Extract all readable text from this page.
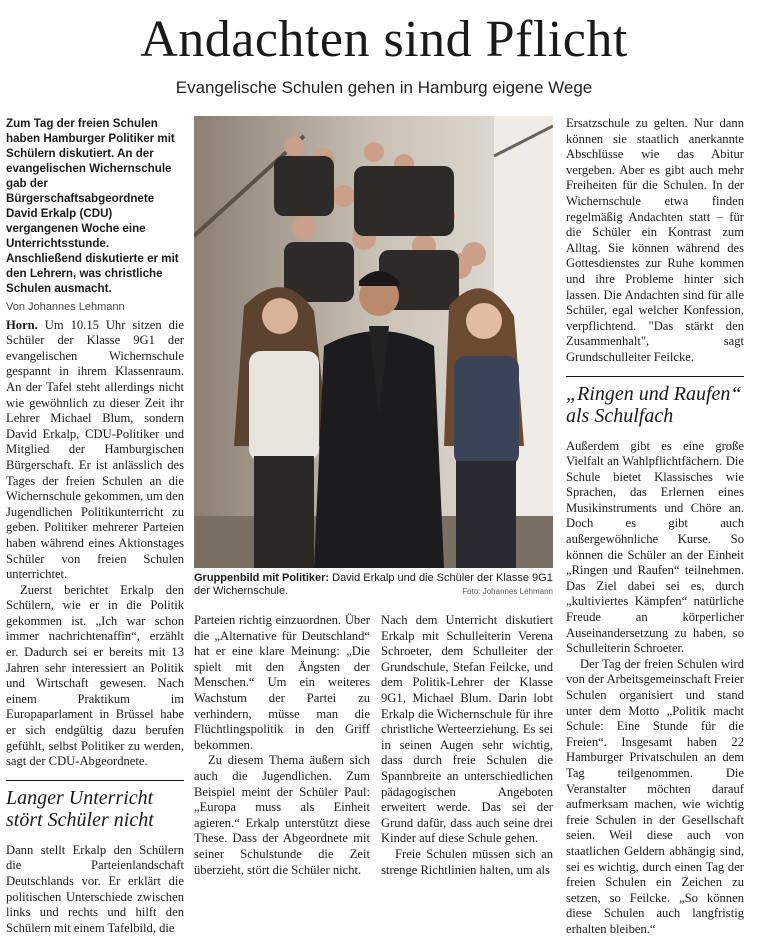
Andachten sind Pflicht
Evangelische Schulen gehen in Hamburg eigene Wege

Zum Tag der freien Schulen haben Hamburger Politiker mit Schülern diskutiert. An der evangelischen Wichernschule gab der Bürgerschaftsabgeordnete David Erkalp (CDU) vergangenen Woche eine Unterrichtsstunde. Anschließend diskutierte er mit den Lehrern, was christliche Schulen ausmacht.

Von Johannes Lehmann

Horn. Um 10.15 Uhr sitzen die Schüler der Klasse 9G1 der evangelischen Wichernschule gespannt in ihrem Klassenraum. An der Tafel steht allerdings nicht wie gewöhnlich zu dieser Zeit ihr Lehrer Michael Blum, sondern David Erkalp, CDU-Politiker und Mitglied der Hamburgischen Bürgerschaft. Er ist anlässlich des Tages der freien Schulen an die Wichernschule gekommen, um den Jugendlichen Politikunterricht zu geben. Politiker mehrerer Parteien haben während eines Aktionstages Schüler von freien Schulen unterrichtet.

Zuerst berichtet Erkalp den Schülern, wie er in die Politik gekommen ist. „Ich war schon immer nachrichtenaffin“, erzählt er. Dadurch sei er bereits mit 13 Jahren sehr interessiert an Politik und Wirtschaft gewesen. Nach einem Praktikum im Europaparlament in Brüssel habe er sich endgültig dazu berufen gefühlt, selbst Politiker zu werden, sagt der CDU-Abgeordnete.

Langer Unterricht stört Schüler nicht

Dann stellt Erkalp den Schülern die Parteienlandschaft Deutschlands vor. Er erklärt die politischen Unterschiede zwischen links und rechts und hilft den Schülern mit einem Tafelbild, die

Gruppenbild mit Politiker: David Erkalp und die Schüler der Klasse 9G1 der Wichernschule.	Foto: Johannes Lehmann

Parteien richtig einzuordnen. Über die „Alternative für Deutschland“ hat er eine klare Meinung: „Die spielt mit den Ängsten der Menschen.“ Um ein weiteres Wachstum der Partei zu verhindern, müsse man die Flüchtlingspolitik in den Griff bekommen.

Zu diesem Thema äußern sich auch die Jugendlichen. Zum Beispiel meint der Schüler Paul: „Europa muss als Einheit agieren.“ Erkalp unterstützt diese These. Dass der Abgeordnete mit seiner Schulstunde die Zeit überzieht, stört die Schüler nicht.

Nach dem Unterricht diskutiert Erkalp mit Schulleiterin Verena Schroeter, dem Schulleiter der Grundschule, Stefan Feilcke, und dem Politik-Lehrer der Klasse 9G1, Michael Blum. Darin lobt Erkalp die Wichernschule für ihre christliche Werteerziehung. Es sei in seinen Augen sehr wichtig, dass durch freie Schulen die Spannbreite an unterschiedlichen pädagogischen Angeboten erweitert werde. Das sei der Grund dafür, dass auch seine drei Kinder auf diese Schule gehen.

Freie Schulen müssen sich an strenge Richtlinien halten, um als

Ersatzschule zu gelten. Nur dann können sie staatlich anerkannte Abschlüsse wie das Abitur vergeben. Aber es gibt auch mehr Freiheiten für die Schulen. In der Wichernschule etwa finden regelmäßig Andachten statt – für die Schüler ein Kontrast zum Alltag. Sie können während des Gottesdienstes zur Ruhe kommen und ihre Probleme hinter sich lassen. Die Andachten sind für alle Schüler, egal welcher Konfession, verpflichtend. "Das stärkt den Zusammenhalt", sagt Grundschulleiter Feilcke.

„Ringen und Raufen“ als Schulfach

Außerdem gibt es eine große Vielfalt an Wahlpflichtfächern. Die Schule bietet Klassisches wie Sprachen, das Erlernen eines Musikinstruments und Chöre an. Doch es gibt auch außergewöhnliche Kurse. So können die Schüler an der Einheit „Ringen und Raufen“ teilnehmen. Das Ziel dabei sei es, durch „kultiviertes Kämpfen“ natürliche Freude an körperlicher Auseinandersetzung zu haben, so Schulleiterin Schroeter.

Der Tag der freien Schulen wird von der Arbeitsgemeinschaft Freier Schulen organisiert und stand unter dem Motto „Politik macht Schule: Eine Stunde für die Freien“. Insgesamt haben 22 Hamburger Privatschulen an dem Tag teilgenommen. Die Veranstalter möchten darauf aufmerksam machen, wie wichtig freie Schulen in der Gesellschaft seien. Weil diese auch von staatlichen Geldern abhängig sind, sei es wichtig, durch einen Tag der freien Schulen ein Zeichen zu setzen, so Feilcke. „So können diese Schulen auch langfristig erhalten bleiben.“
